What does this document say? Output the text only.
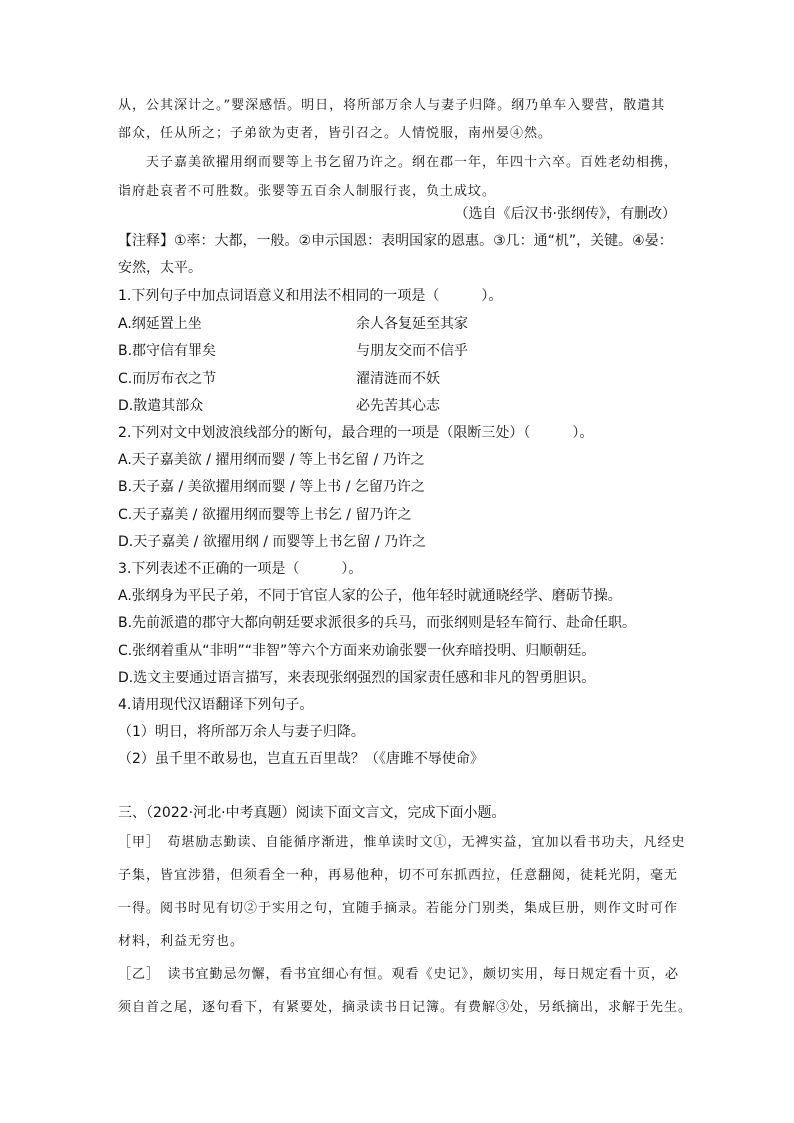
从，公其深计之。”婴深感悟。明日，将所部万余人与妻子归降。纲乃单车入婴营，散遣其
部众，任从所之；子弟欲为吏者，皆引召之。人情悦服，南州晏④然。
天子嘉美欲擢用纲而婴等上书乞留乃许之。纲在郡一年，年四十六卒。百姓老幼相携，
诣府赴哀者不可胜数。张婴等五百余人制服行丧，负土成坟。
（选自《后汉书·张纲传》，有删改）
【注释】①率：大都，一般。②申示国恩：表明国家的恩惠。③几：通“机”，关键。④晏：
安然，太平。
1.下列句子中加点词语意义和用法不相同的一项是（　　　）。
A.纲延置上坐	余人各复延至其家
B.郡守信有罪矣	与朋友交而不信乎
C.而厉布衣之节	濯清涟而不妖
D.散遣其部众	必先苦其心志
2.下列对文中划波浪线部分的断句，最合理的一项是（限断三处）（　　　）。
A.天子嘉美欲 / 擢用纲而婴 / 等上书乞留 / 乃许之
B.天子嘉 / 美欲擢用纲而婴 / 等上书 / 乞留乃许之
C.天子嘉美 / 欲擢用纲而婴等上书乞 / 留乃许之
D.天子嘉美 / 欲擢用纲 / 而婴等上书乞留 / 乃许之
3.下列表述不正确的一项是（　　　）。
A.张纲身为平民子弟，不同于官宦人家的公子，他年轻时就通晓经学、磨砺节操。
B.先前派遣的郡守大都向朝廷要求派很多的兵马，而张纲则是轻车简行、赴命任职。
C.张纲着重从“非明”“非智”等六个方面来劝谕张婴一伙弃暗投明、归顺朝廷。
D.选文主要通过语言描写，来表现张纲强烈的国家责任感和非凡的智勇胆识。
4.请用现代汉语翻译下列句子。
（1）明日，将所部万余人与妻子归降。
（2）虽千里不敢易也，岂直五百里哉？（《唐雎不辱使命》
三、（2022·河北·中考真题）阅读下面文言文，完成下面小题。
［甲］　苟堪励志勤读、自能循序渐进，惟单读时文①，无裨实益，宜加以看书功夫，凡经史
子集，皆宜涉猎，但须看全一种，再易他种，切不可东抓西拉，任意翻阅，徒耗光阴，毫无
一得。阅书时见有切②于实用之句，宜随手摘录。若能分门别类，集成巨册，则作文时可作
材料，利益无穷也。
［乙］　读书宜勤忌勿懈，看书宜细心有恒。观看《史记》，颇切实用，每日规定看十页，必
须自首之尾，逐句看下，有紧要处，摘录读书日记簿。有费解③处，另纸摘出，求解于先生。
